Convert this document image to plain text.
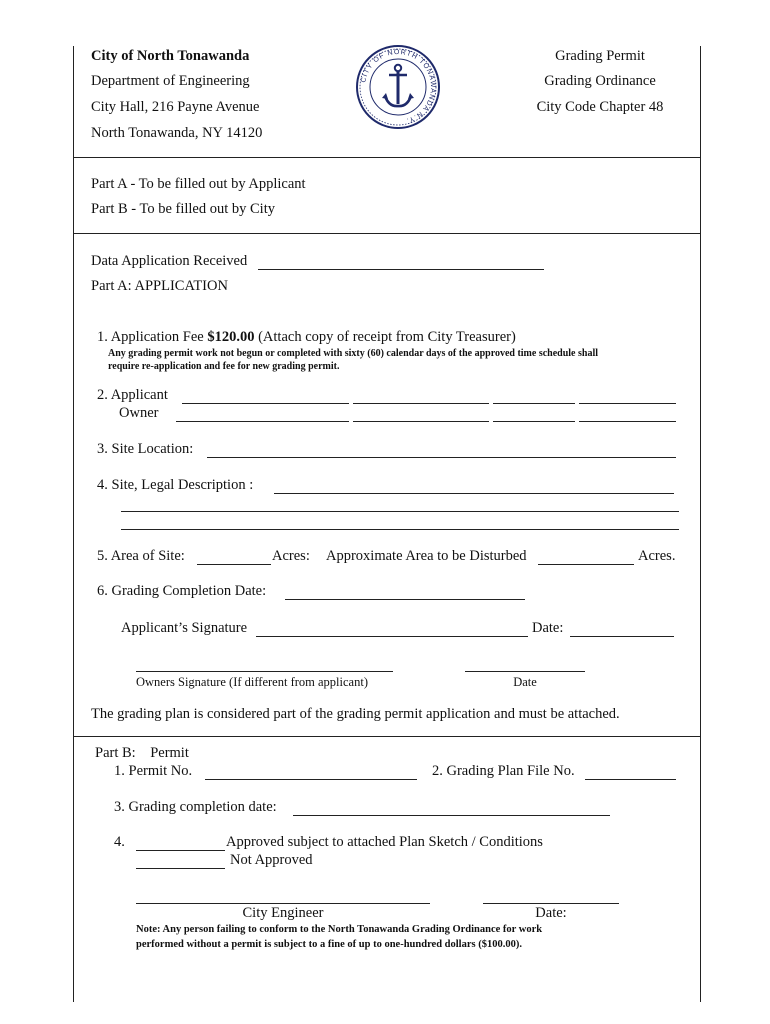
City of North Tonawanda
Department of Engineering
City Hall, 216 Payne Avenue
North Tonawanda, NY 14120
CITY OF NORTH TONAWANDA N.Y.
Grading Permit
Grading Ordinance
City Code Chapter 48
Part A - To be filled out by Applicant
Part B - To be filled out by City
Data Application Received
Part A: APPLICATION
1. Application Fee $120.00 (Attach copy of receipt from City Treasurer)
Any grading permit work not begun or completed with sixty (60) calendar days of the approved time schedule shall
require re-application and fee for new grading permit.
2. Applicant
Owner
3. Site Location:
4. Site, Legal Description :
5. Area of Site:	Acres: Approximate Area to be Disturbed	Acres.
6. Grading Completion Date:
Applicant’s Signature	Date:
Owners Signature (If different from applicant)	Date
The grading plan is considered part of the grading permit application and must be attached.
Part B: Permit
1. Permit No.	2. Grading Plan File No.
3. Grading completion date:
4.	Approved subject to attached Plan Sketch / Conditions
Not Approved
City Engineer	Date:
Note: Any person failing to conform to the North Tonawanda Grading Ordinance for work
performed without a permit is subject to a fine of up to one-hundred dollars ($100.00).
